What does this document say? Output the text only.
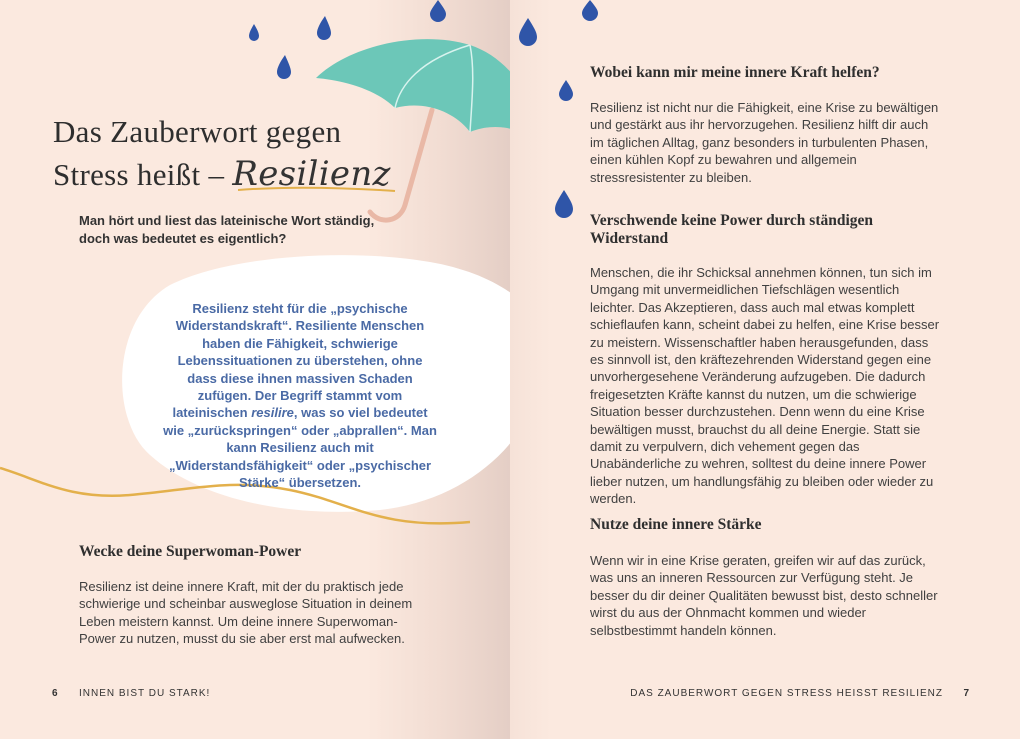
Das Zauberwort gegen
Stress heißt – Resilienz
Man hört und liest das lateinische Wort ständig, doch was bedeutet es eigentlich?
Resilienz steht für die „psychische Widerstandskraft“. Resiliente Menschen haben die Fähigkeit, schwierige Lebenssituationen zu überstehen, ohne dass diese ihnen massiven Schaden zufügen. Der Begriff stammt vom lateinischen resilire, was so viel bedeutet wie „zurückspringen“ oder „abprallen“. Man kann Resilienz auch mit „Widerstandsfähigkeit“ oder „psychischer Stärke“ übersetzen.
Wecke deine Superwoman-Power

Resilienz ist deine innere Kraft, mit der du praktisch jede schwierige und scheinbar ausweglose Situation in deinem Leben meistern kannst. Um deine innere Superwoman-Power zu nutzen, musst du sie aber erst mal aufwecken.

6 INNEN BIST DU STARK!
Wobei kann mir meine innere Kraft helfen?

Resilienz ist nicht nur die Fähigkeit, eine Krise zu bewältigen und gestärkt aus ihr hervorzugehen. Resilienz hilft dir auch im täglichen Alltag, ganz besonders in turbulenten Phasen, einen kühlen Kopf zu bewahren und allgemein stressresistenter zu bleiben.

Verschwende keine Power durch ständigen Widerstand

Menschen, die ihr Schicksal annehmen können, tun sich im Umgang mit unvermeidlichen Tiefschlägen wesentlich leichter. Das Akzeptieren, dass auch mal etwas komplett schieflaufen kann, scheint dabei zu helfen, eine Krise besser zu meistern. Wissenschaftler haben herausgefunden, dass es sinnvoll ist, den kräftezehrenden Widerstand gegen eine unvorhergesehene Veränderung aufzugeben. Die dadurch freigesetzten Kräfte kannst du nutzen, um die schwierige Situation besser durchzustehen. Denn wenn du eine Krise bewältigen musst, brauchst du all deine Energie. Statt sie damit zu verpulvern, dich vehement gegen das Unabänderliche zu wehren, solltest du deine innere Power lieber nutzen, um handlungsfähig zu bleiben oder wieder zu werden.

Nutze deine innere Stärke

Wenn wir in eine Krise geraten, greifen wir auf das zurück, was uns an inneren Ressourcen zur Verfügung steht. Je besser du dir deiner Qualitäten bewusst bist, desto schneller wirst du aus der Ohnmacht kommen und wieder selbstbestimmt handeln können.

DAS ZAUBERWORT GEGEN STRESS HEISST RESILIENZ 7
